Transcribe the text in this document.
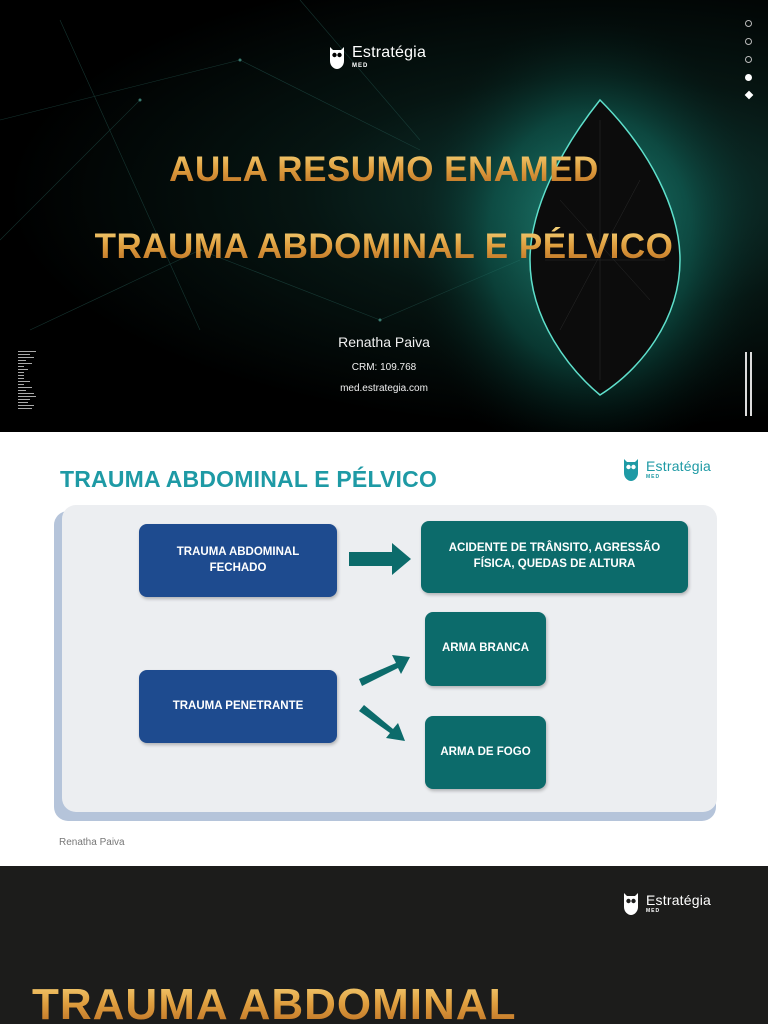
Estratégia
MED
AULA RESUMO ENAMED
TRAUMA ABDOMINAL E PÉLVICO
Renatha Paiva
CRM: 109.768
med.estrategia.com
TRAUMA ABDOMINAL E PÉLVICO
Estratégia
MED
TRAUMA ABDOMINAL FECHADO
ACIDENTE DE TRÂNSITO, AGRESSÃO FÍSICA, QUEDAS DE ALTURA
TRAUMA PENETRANTE
ARMA BRANCA
ARMA DE FOGO
Renatha Paiva
Estratégia
MED
TRAUMA ABDOMINAL
